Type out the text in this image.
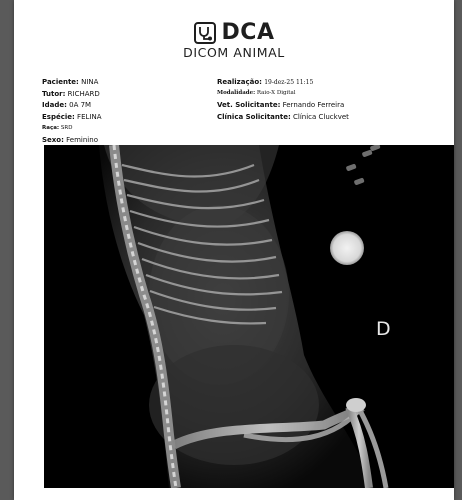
DCA
DICOM ANIMAL
Paciente: NINA
Tutor: RICHARD
Idade: 0A 7M
Espécie: FELINA
Raça: SRD
Sexo: Feminino
Realização: 19-dez-25 11:15
Modalidade: Raio-X Digital
Vet. Solicitante: Fernando Ferreira
Clínica Solicitante: Clínica Cluckvet
D
